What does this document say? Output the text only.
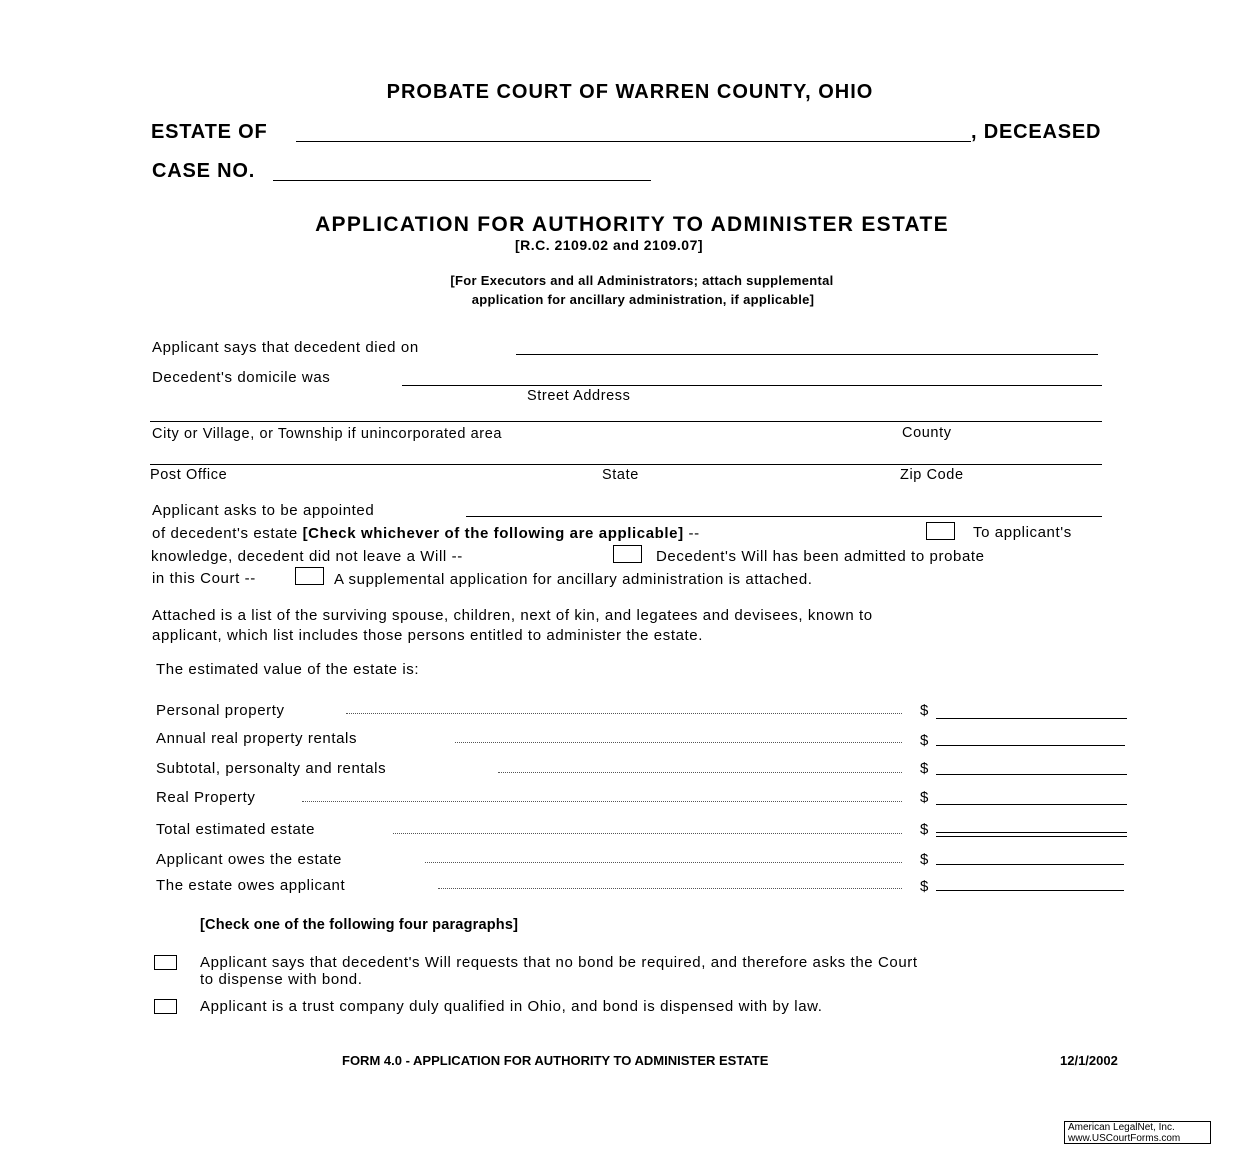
PROBATE COURT OF WARREN COUNTY, OHIO
ESTATE OF	, DECEASED
CASE NO.
APPLICATION FOR AUTHORITY TO ADMINISTER ESTATE
[R.C. 2109.02 and 2109.07]
[For Executors and all Administrators; attach supplemental
application for ancillary administration, if applicable]
Applicant says that decedent died on
Decedent's domicile was
Street Address
City or Village, or Township if unincorporated area	County
Post Office	State	Zip Code
Applicant asks to be appointed
of decedent's estate [Check whichever of the following are applicable] --	To applicant's
knowledge, decedent did not leave a Will --	Decedent's Will has been admitted to probate
in this Court --	A supplemental application for ancillary administration is attached.
Attached is a list of the surviving spouse, children, next of kin, and legatees and devisees, known to
applicant, which list includes those persons entitled to administer the estate.
The estimated value of the estate is:
Personal property	$
Annual real property rentals	$
Subtotal, personalty and rentals	$
Real Property	$
Total estimated estate	$
Applicant owes the estate	$
The estate owes applicant	$
[Check one of the following four paragraphs]
Applicant says that decedent's Will requests that no bond be required, and therefore asks the Court
to dispense with bond.
Applicant is a trust company duly qualified in Ohio, and bond is dispensed with by law.
FORM 4.0 - APPLICATION FOR AUTHORITY TO ADMINISTER ESTATE	12/1/2002
American LegalNet, Inc.
www.USCourtForms.com
